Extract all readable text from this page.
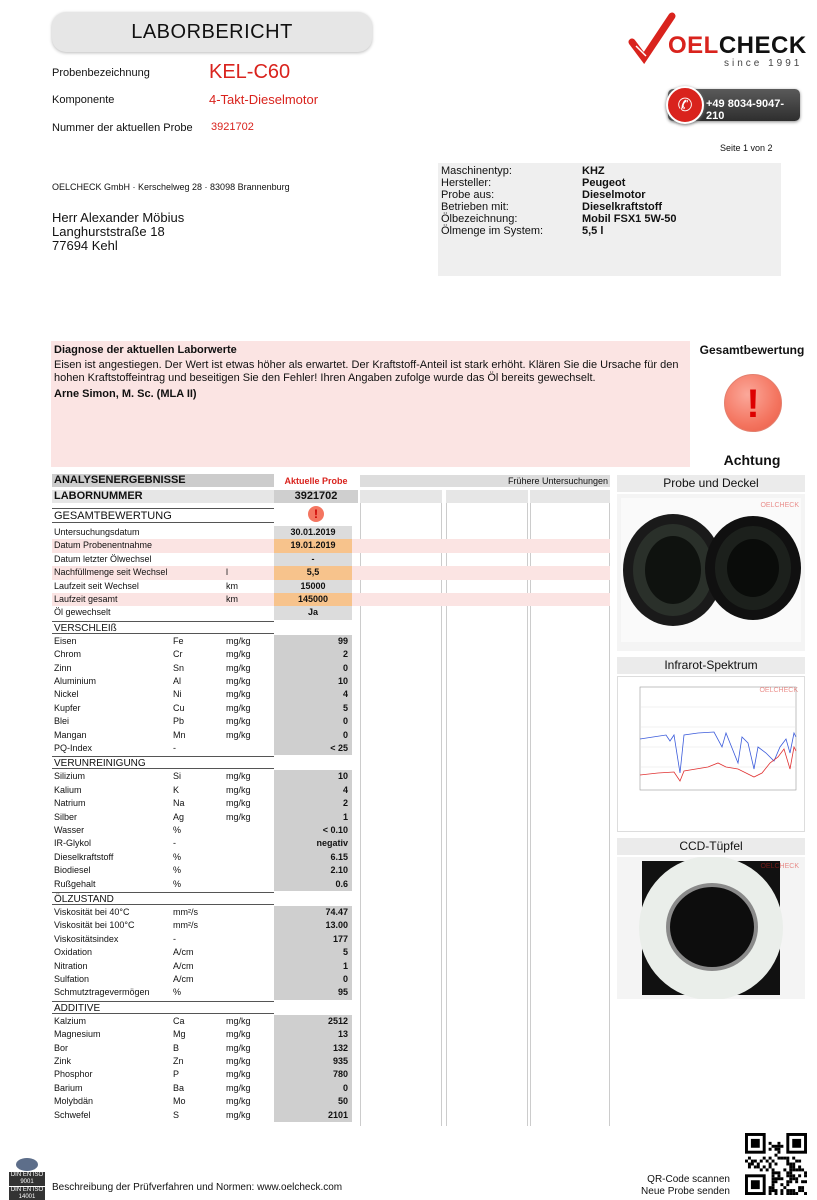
LABORBERICHT
Probenbezeichnung	KEL-C60
Komponente	4-Takt-Dieselmotor
Nummer der aktuellen Probe 3921702
OELCHECK
since 1991
✆	+49 8034-9047-210
Seite 1 von 2
OELCHECK GmbH · Kerschelweg 28 · 83098 Brannenburg
Herr Alexander Möbius
Langhurststraße 18
77694 Kehl
Maschinentyp:	KHZ
Hersteller:	Peugeot
Probe aus:	Dieselmotor
Betrieben mit:	Dieselkraftstoff
Ölbezeichnung:	Mobil FSX1 5W-50
Ölmenge im System:	5,5 l
Diagnose der aktuellen Laborwerte
Eisen ist angestiegen. Der Wert ist etwas höher als erwartet. Der Kraftstoff-Anteil ist stark erhöht. Klären Sie die Ursache für den hohen Kraftstoffeintrag und beseitigen Sie den Fehler! Ihren Angaben zufolge wurde das Öl bereits gewechselt.
Arne Simon, M. Sc. (MLA II)
Gesamtbewertung
!
Achtung
ANALYSENERGEBNISSE	Aktuelle Probe	Frühere Untersuchungen
LABORNUMMER	3921702
GESAMTBEWERTUNG	!
Untersuchungsdatum	30.01.2019
Datum Probenentnahme	19.01.2019
Datum letzter Ölwechsel	-
Nachfüllmenge seit Wechsel	l	5,5
Laufzeit seit Wechsel	km	15000
Laufzeit gesamt	km	145000
Öl gewechselt	Ja
VERSCHLEIß
Eisen	Fe	mg/kg	99
Chrom	Cr	mg/kg	2
Zinn	Sn	mg/kg	0
Aluminium	Al	mg/kg	10
Nickel	Ni	mg/kg	4
Kupfer	Cu	mg/kg	5
Blei	Pb	mg/kg	0
Mangan	Mn	mg/kg	0
PQ-Index	-	< 25
VERUNREINIGUNG
Silizium	Si	mg/kg	10
Kalium	K	mg/kg	4
Natrium	Na	mg/kg	2
Silber	Ag	mg/kg	1
Wasser	%	< 0.10
IR-Glykol	-	negativ
Dieselkraftstoff	%	6.15
Biodiesel	%	2.10
Rußgehalt	%	0.6
ÖLZUSTAND
Viskosität bei 40°C	mm²/s	74.47
Viskosität bei 100°C	mm²/s	13.00
Viskositätsindex	-	177
Oxidation	A/cm	5
Nitration	A/cm	1
Sulfation	A/cm	0
Schmutztragevermögen	%	95
ADDITIVE
Kalzium	Ca	mg/kg	2512
Magnesium	Mg	mg/kg	13
Bor	B	mg/kg	132
Zink	Zn	mg/kg	935
Phosphor	P	mg/kg	780
Barium	Ba	mg/kg	0
Molybdän	Mo	mg/kg	50
Schwefel	S	mg/kg	2101
Probe und Deckel
OELCHECK
Infrarot-Spektrum
OELCHECK
CCD-Tüpfel
OELCHECK
DIN EN ISO
9001
DIN EN ISO
14001
Beschreibung der Prüfverfahren und Normen: www.oelcheck.com
QR-Code scannen
Neue Probe senden
